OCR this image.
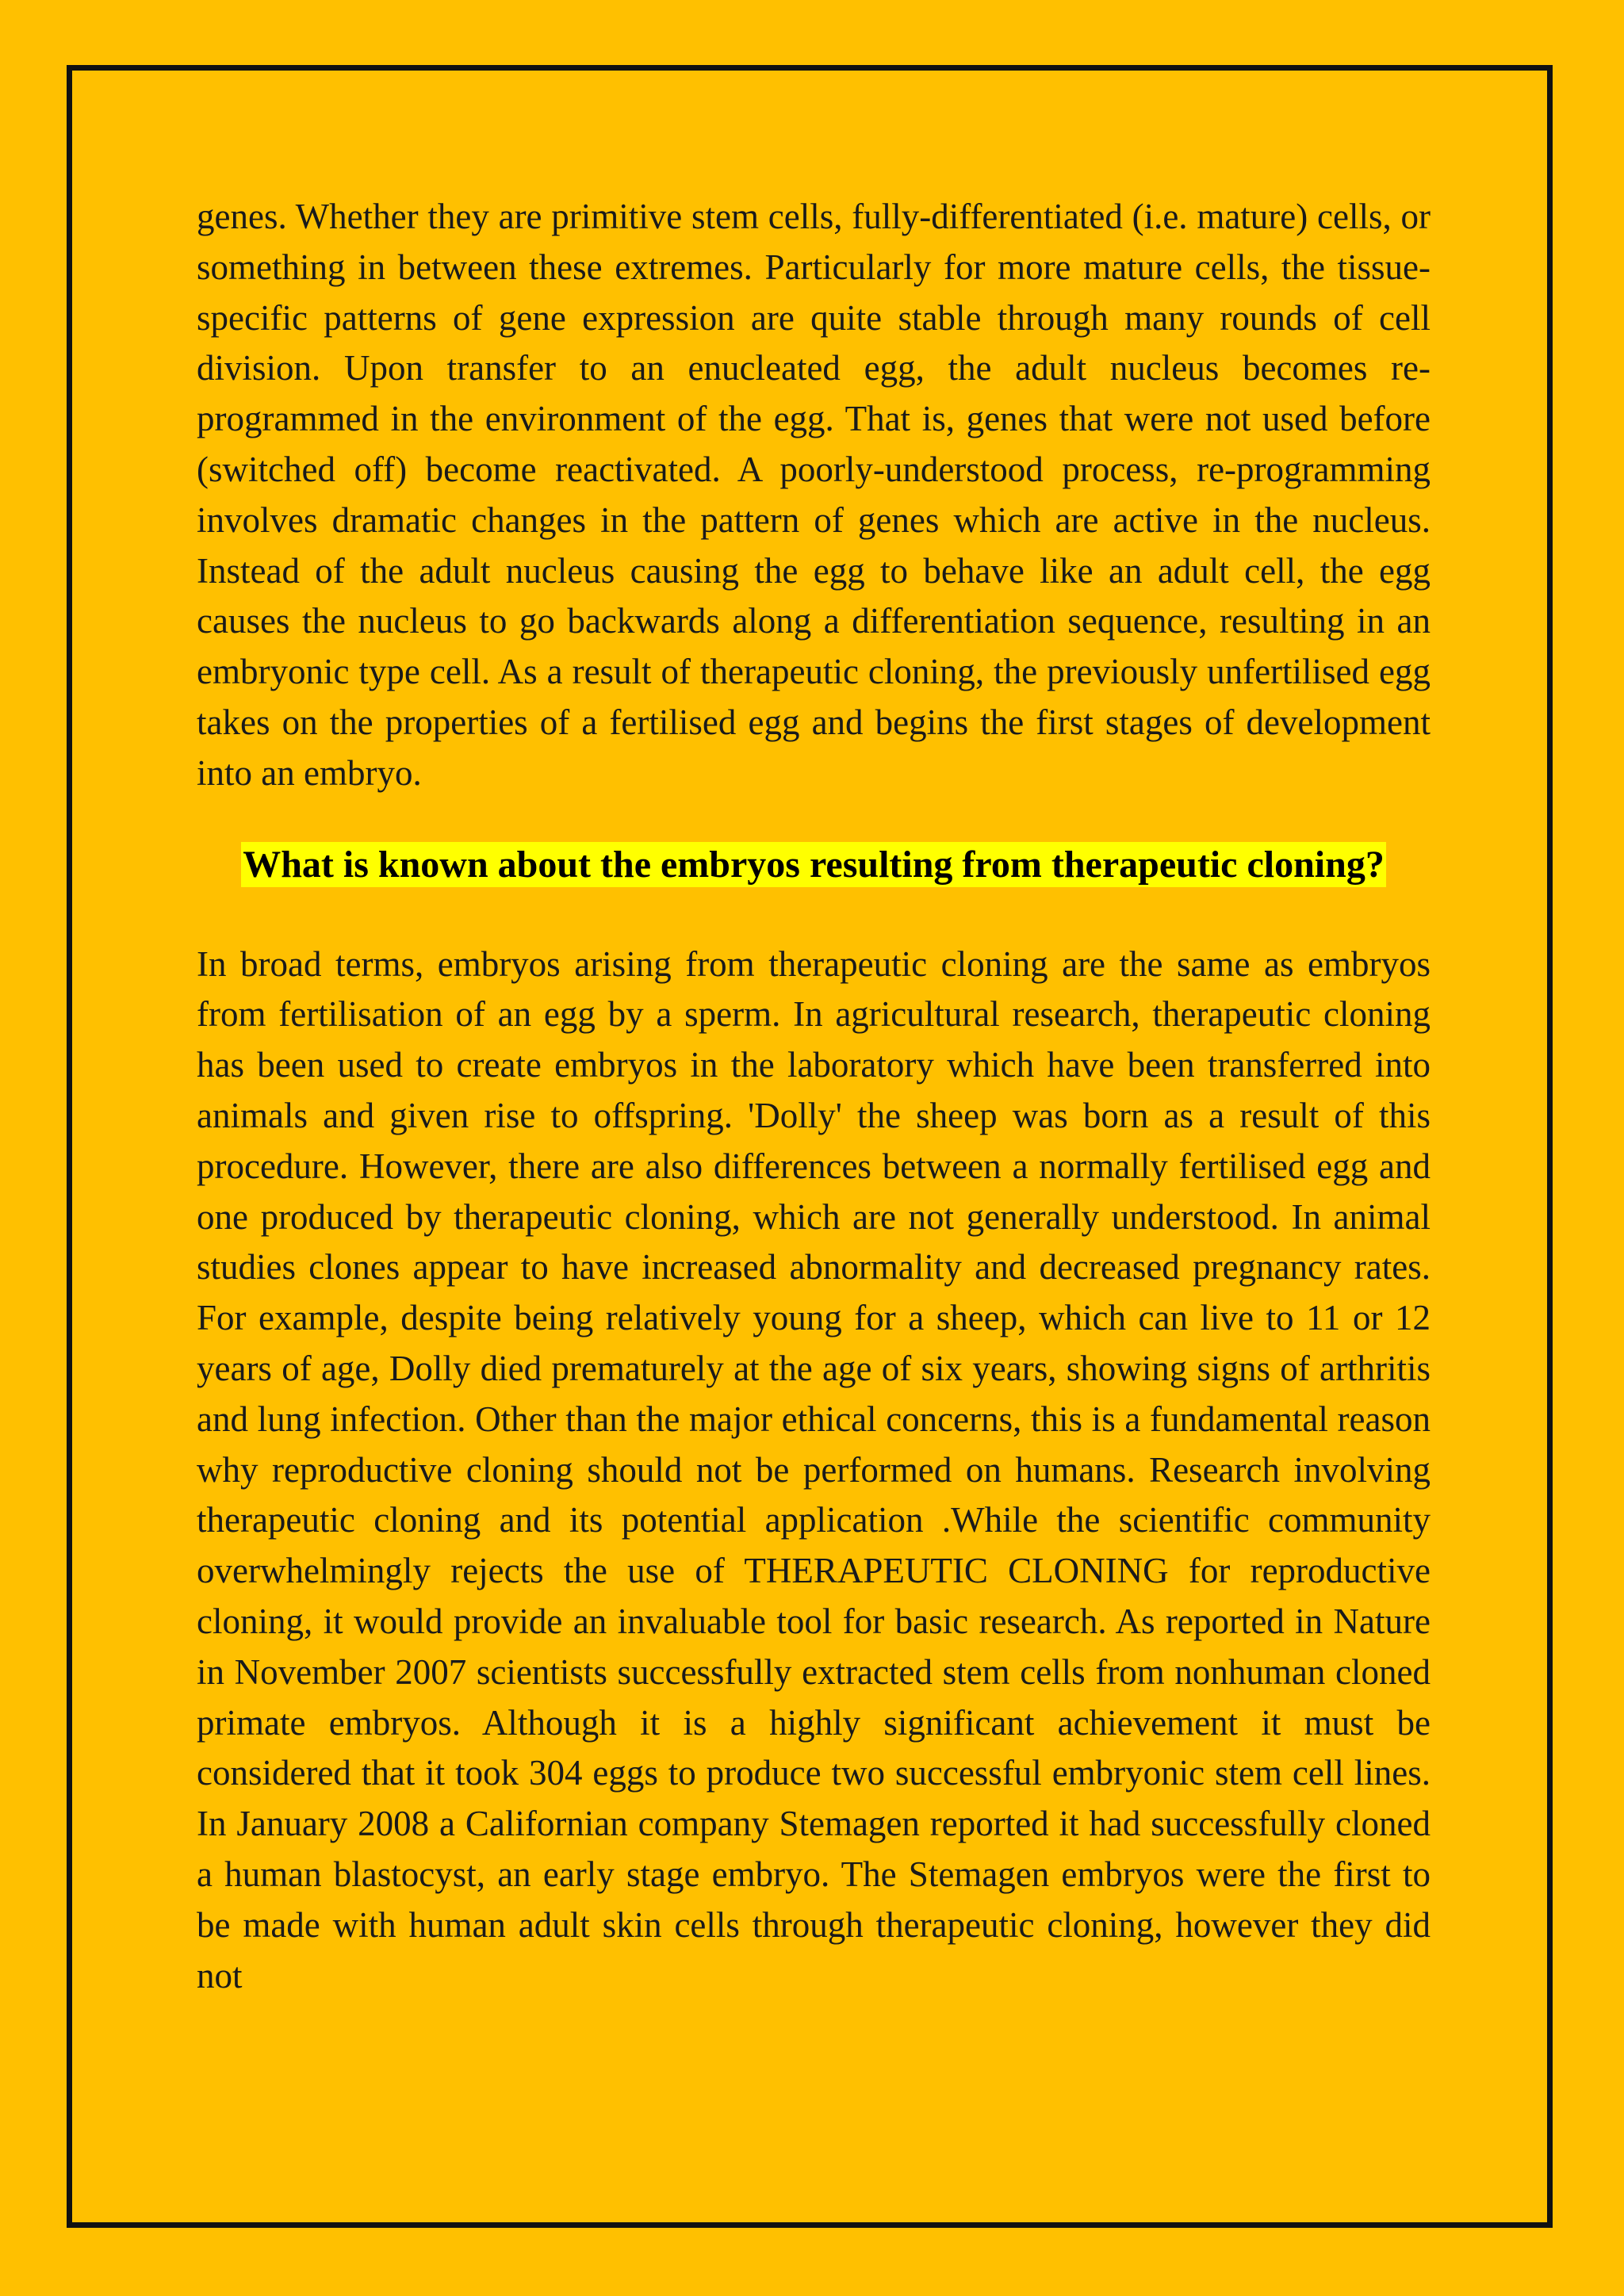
genes. Whether they are primitive stem cells, fully-differentiated (i.e. mature) cells, or something in between these extremes. Particularly for more mature cells, the tissue-specific patterns of gene expression are quite stable through many rounds of cell division. Upon transfer to an enucleated egg, the adult nucleus becomes re-programmed in the environment of the egg. That is, genes that were not used before (switched off) become reactivated. A poorly-understood process, re-programming involves dramatic changes in the pattern of genes which are active in the nucleus. Instead of the adult nucleus causing the egg to behave like an adult cell, the egg causes the nucleus to go backwards along a differentiation sequence, resulting in an embryonic type cell. As a result of therapeutic cloning, the previously unfertilised egg takes on the properties of a fertilised egg and begins the first stages of development into an embryo.

What is known about the embryos resulting from therapeutic cloning?

In broad terms, embryos arising from therapeutic cloning are the same as embryos from fertilisation of an egg by a sperm. In agricultural research, therapeutic cloning has been used to create embryos in the laboratory which have been transferred into animals and given rise to offspring. 'Dolly' the sheep was born as a result of this procedure. However, there are also differences between a normally fertilised egg and one produced by therapeutic cloning, which are not generally understood. In animal studies clones appear to have increased abnormality and decreased pregnancy rates. For example, despite being relatively young for a sheep, which can live to 11 or 12 years of age, Dolly died prematurely at the age of six years, showing signs of arthritis and lung infection. Other than the major ethical concerns, this is a fundamental reason why reproductive cloning should not be performed on humans. Research involving therapeutic cloning and its potential application .While the scientific community overwhelmingly rejects the use of THERAPEUTIC CLONING for reproductive cloning, it would provide an invaluable tool for basic research. As reported in Nature in November 2007 scientists successfully extracted stem cells from nonhuman cloned primate embryos. Although it is a highly significant achievement it must be considered that it took 304 eggs to produce two successful embryonic stem cell lines. In January 2008 a Californian company Stemagen reported it had successfully cloned a human blastocyst, an early stage embryo. The Stemagen embryos were the first to be made with human adult skin cells through therapeutic cloning, however they did not
